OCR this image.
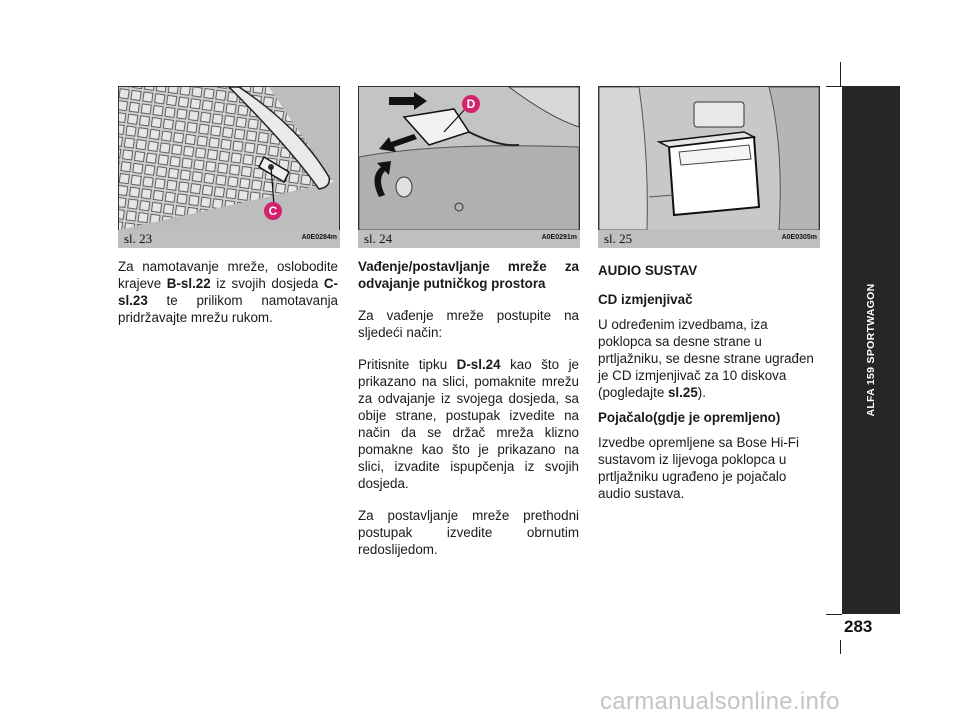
C
sl. 23	A0E0284m
D
sl. 24	A0E0291m sl. 25	A0E0305m

Za namotavanje mreže, oslobodite krajeve B-sl.22 iz svojih dosjeda C-sl.23 te prilikom namotavanja pridržavajte mrežu rukom.

Vađenje/postavljanje mreže za odvajanje putničkog prostora

Za vađenje mreže postupite na sljedeći način:

Pritisnite tipku D-sl.24 kao što je prikazano na slici, pomaknite mrežu za odvajanje iz svojega dosjeda, sa obije strane, postupak izvedite na način da se držač mreža klizno pomakne kao što je prikazano na slici, izvadite ispupčenja iz svojih dosjeda.

Za postavljanje mreže prethodni postupak izvedite obrnutim redoslijedom.

AUDIO SUSTAV

CD izmjenjivač

U određenim izvedbama, iza poklopca sa desne strane u prtljažniku, se desne strane ugrađen je CD izmjenjivač za 10 diskova (pogledajte sl.25).

Pojačalo(gdje je opremljeno)

Izvedbe opremljene sa Bose Hi-Fi sustavom iz lijevoga poklopca u prtljažniku ugrađeno je pojačalo audio sustava.

ALFA 159 SPORTWAGON
283
carmanualsonline.info
